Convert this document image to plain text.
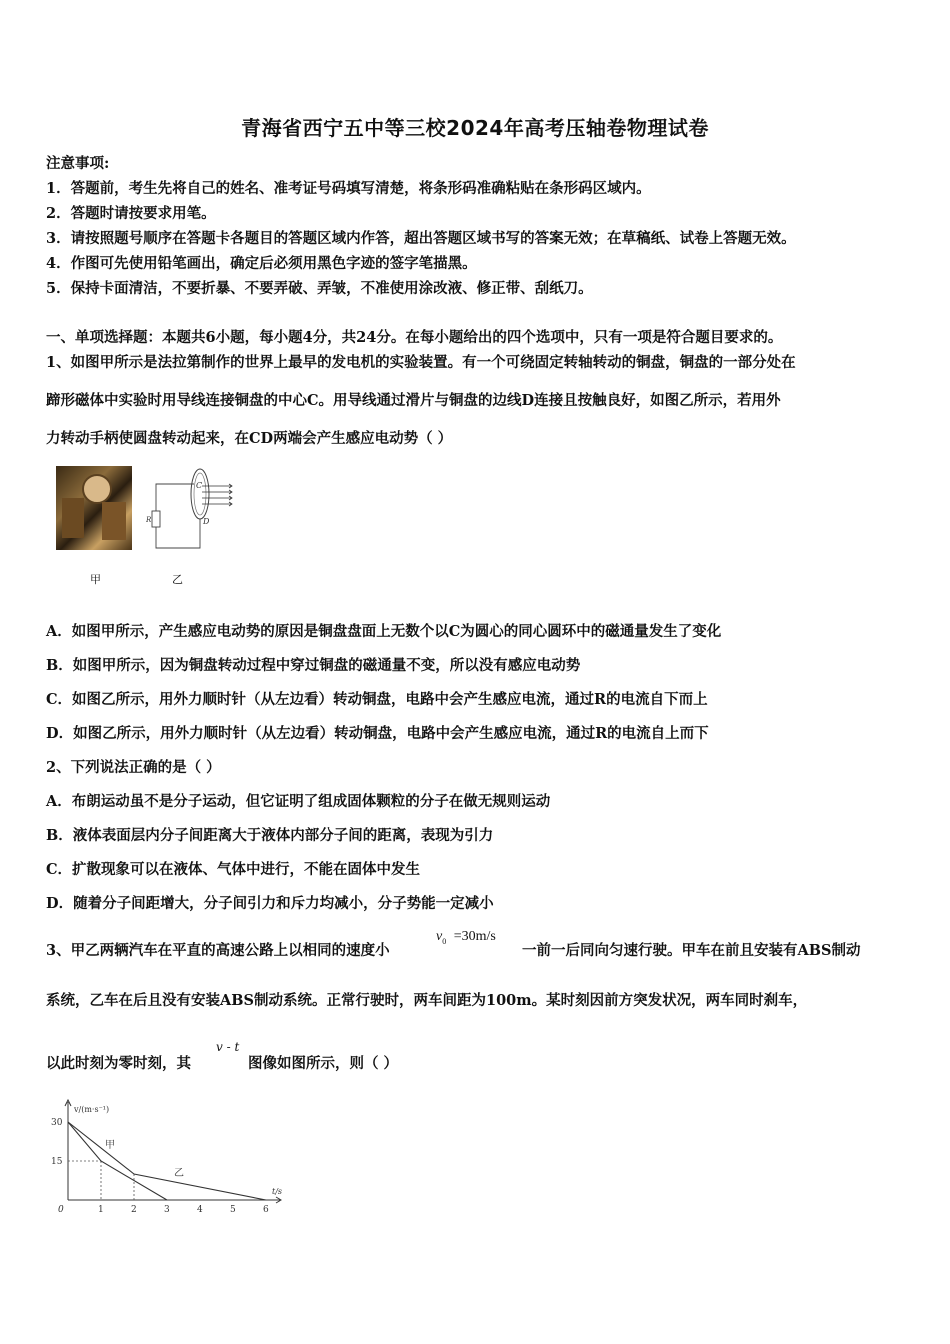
青海省西宁五中等三校2024年高考压轴卷物理试卷
注意事项:
1．答题前，考生先将自己的姓名、准考证号码填写清楚，将条形码准确粘贴在条形码区域内。
2．答题时请按要求用笔。
3．请按照题号顺序在答题卡各题目的答题区域内作答，超出答题区域书写的答案无效；在草稿纸、试卷上答题无效。
4．作图可先使用铅笔画出，确定后必须用黑色字迹的签字笔描黑。
5．保持卡面清洁，不要折暴、不要弄破、弄皱，不准使用涂改液、修正带、刮纸刀。
一、单项选择题：本题共6小题，每小题4分，共24分。在每小题给出的四个选项中，只有一项是符合题目要求的。
1、如图甲所示是法拉第制作的世界上最早的发电机的实验装置。有一个可绕固定转轴转动的铜盘，铜盘的一部分处在
蹄形磁体中实验时用导线连接铜盘的中心C。用导线通过滑片与铜盘的边线D连接且按触良好，如图乙所示，若用外
力转动手柄使圆盘转动起来，在CD两端会产生感应电动势（ ）
C
D
R
甲	乙
A．如图甲所示，产生感应电动势的原因是铜盘盘面上无数个以C为圆心的同心圆环中的磁通量发生了变化
B．如图甲所示，因为铜盘转动过程中穿过铜盘的磁通量不变，所以没有感应电动势
C．如图乙所示，用外力顺时针（从左边看）转动铜盘，电路中会产生感应电流，通过R的电流自下而上
D．如图乙所示，用外力顺时针（从左边看）转动铜盘，电路中会产生感应电流，通过R的电流自上而下
2、下列说法正确的是（ ）
A．布朗运动虽不是分子运动，但它证明了组成固体颗粒的分子在做无规则运动
B．液体表面层内分子间距离大于液体内部分子间的距离，表现为引力
C．扩散现象可以在液体、气体中进行，不能在固体中发生
D．随着分子间距增大，分子间引力和斥力均减小，分子势能一定减小
3、甲乙两辆汽车在平直的高速公路上以相同的速度小
$v_0 =30m/s$
一前一后同向匀速行驶。甲车在前且安装有ABS制动
系统，乙车在后且没有安装ABS制动系统。正常行驶时，两车间距为100m。某时刻因前方突发状况，两车同时刹车，
以此时刻为零时刻，其
v - t
图像如图所示，则（ ）
30
15
1	2	3	4	5	6
v/(m·s⁻¹)
t/s
0
甲
乙
